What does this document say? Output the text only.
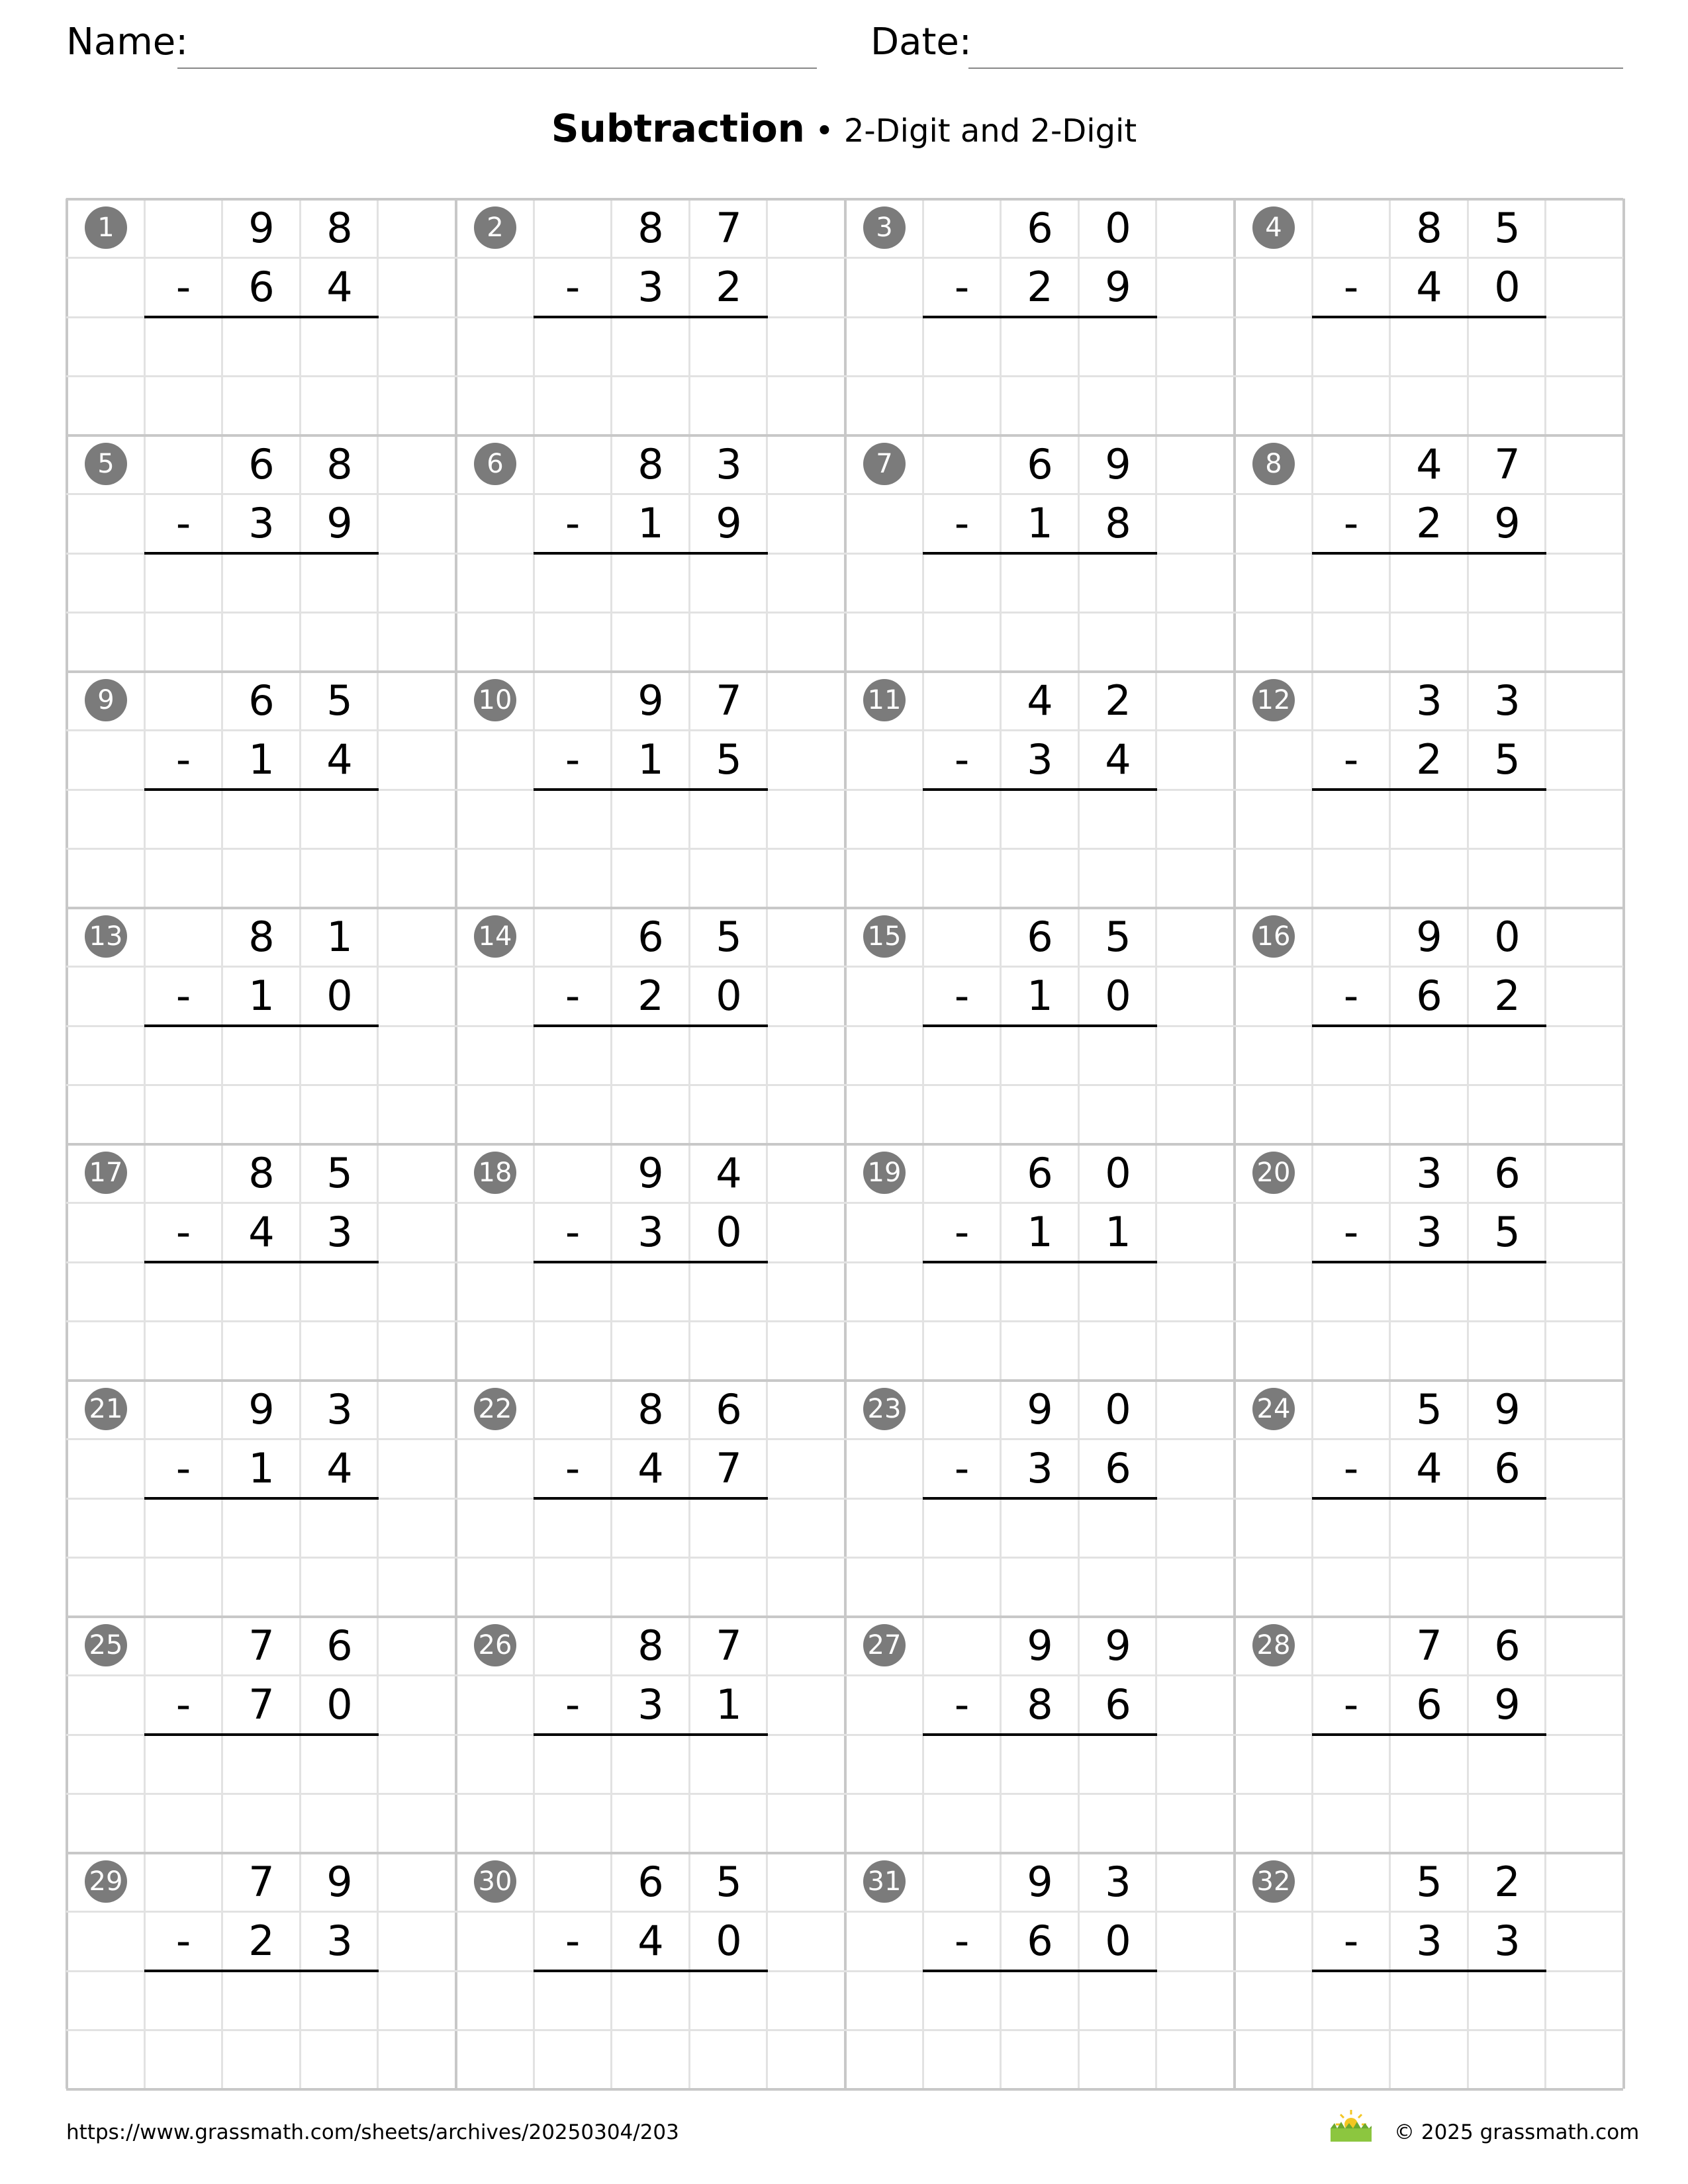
Name:	Date:
Subtraction • 2-Digit and 2-Digit
1	9	8
-	6	4
2	8	7
-	3	2
3	6	0
-	2	9
4	8	5
-	4	0
5	6	8
-	3	9
6	8	3
-	1	9
7	6	9
-	1	8
8	4	7
-	2	9
9	6	5
-	1	4
10	9	7
-	1	5
11	4	2
-	3	4
12	3	3
-	2	5
13	8	1
-	1	0
14	6	5
-	2	0
15	6	5
-	1	0
16	9	0
-	6	2
17	8	5
-	4	3
18	9	4
-	3	0
19	6	0
-	1	1
20	3	6
-	3	5
21	9	3
-	1	4
22	8	6
-	4	7
23	9	0
-	3	6
24	5	9
-	4	6
25	7	6
-	7	0
26	8	7
-	3	1
27	9	9
-	8	6
28	7	6
-	6	9
29	7	9
-	2	3
30	6	5
-	4	0
31	9	3
-	6	0
32	5	2
-	3	3
https://www.grassmath.com/sheets/archives/20250304/203	© 2025 grassmath.com
